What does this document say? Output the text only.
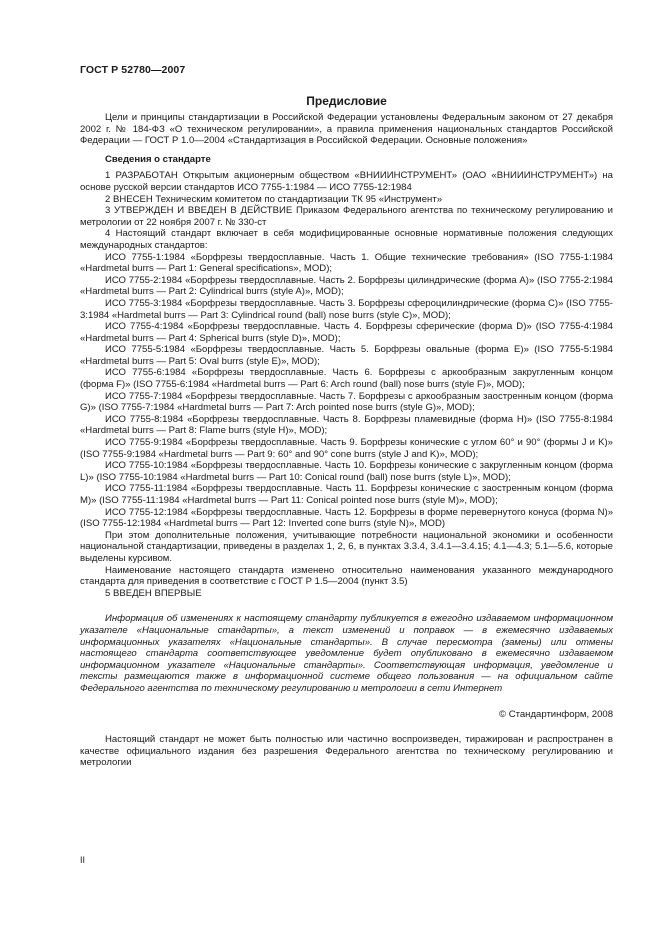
ГОСТ Р 52780—2007
Предисловие

Цели и принципы стандартизации в Российской Федерации установлены Федеральным законом от 27 декабря 2002 г. № 184-ФЗ «О техническом регулировании», а правила применения национальных стандартов Российской Федерации — ГОСТ Р 1.0—2004 «Стандартизация в Российской Федерации. Основные положения»

Сведения о стандарте

1 РАЗРАБОТАН Открытым акционерным обществом «ВНИИИНСТРУМЕНТ» (ОАО «ВНИИИНСТРУМЕНТ») на основе русской версии стандартов ИСО 7755-1:1984 — ИСО 7755-12:1984

2 ВНЕСЕН Техническим комитетом по стандартизации ТК 95 «Инструмент»

3 УТВЕРЖДЕН И ВВЕДЕН В ДЕЙСТВИЕ Приказом Федерального агентства по техническому регулированию и метрологии от 22 ноября 2007 г. № 330-ст

4 Настоящий стандарт включает в себя модифицированные основные нормативные положения следующих международных стандартов:

ИСО 7755-1:1984 «Борфрезы твердосплавные. Часть 1. Общие технические требования» (ISO 7755-1:1984 «Hardmetal burrs — Part 1: General specifications», MOD);

ИСО 7755-2:1984 «Борфрезы твердосплавные. Часть 2. Борфрезы цилиндрические (форма А)» (ISO 7755-2:1984 «Hardmetal burrs — Part 2: Cylindrical burrs (style A)», MOD);

ИСО 7755-3:1984 «Борфрезы твердосплавные. Часть 3. Борфрезы сфероцилиндрические (форма С)» (ISO 7755-3:1984 «Hardmetal burrs — Part 3: Cylindrical round (ball) nose burrs (style С)», MOD);

ИСО 7755-4:1984 «Борфрезы твердосплавные. Часть 4. Борфрезы сферические (форма D)» (ISO 7755-4:1984 «Hardmetal burrs — Part 4: Spherical burrs (style D)», MOD);

ИСО 7755-5:1984 «Борфрезы твердосплавные. Часть 5. Борфрезы овальные (форма Е)» (ISO 7755-5:1984 «Hardmetal burrs — Part 5: Oval burrs (style E)», MOD);

ИСО 7755-6:1984 «Борфрезы твердосплавные. Часть 6. Борфрезы с аркообразным закругленным концом (форма F)» (ISO 7755-6:1984 «Hardmetal burrs — Part 6: Arch round (ball) nose burrs (style F)», MOD);

ИСО 7755-7:1984 «Борфрезы твердосплавные. Часть 7. Борфрезы с аркообразным заостренным концом (форма G)» (ISO 7755-7:1984 «Hardmetal burrs — Part 7: Arch pointed nose burrs (style G)», MOD);

ИСО 7755-8:1984 «Борфрезы твердосплавные. Часть 8. Борфрезы пламевидные (форма Н)» (ISO 7755-8:1984 «Hardmetal burrs — Part 8: Flame burrs (style H)», MOD);

ИСО 7755-9:1984 «Борфрезы твердосплавные. Часть 9. Борфрезы конические с углом 60° и 90° (формы J и K)» (ISO 7755-9:1984 «Hardmetal burrs — Part 9: 60° and 90° cone burrs (style J and K)», MOD);

ИСО 7755-10:1984 «Борфрезы твердосплавные. Часть 10. Борфрезы конические с закругленным концом (форма L)» (ISO 7755-10:1984 «Hardmetal burrs — Part 10: Conical round (ball) nose burrs (style L)», MOD);

ИСО 7755-11:1984 «Борфрезы твердосплавные. Часть 11. Борфрезы конические с заостренным концом (форма М)» (ISO 7755-11:1984 «Hardmetal burrs — Part 11: Conical pointed nose burrs (style M)», MOD);

ИСО 7755-12:1984 «Борфрезы твердосплавные. Часть 12. Борфрезы в форме перевернутого конуса (форма N)» (ISO 7755-12:1984 «Hardmetal burrs — Part 12: Inverted cone burrs (style N)», MOD)

При этом дополнительные положения, учитывающие потребности национальной экономики и особенности национальной стандартизации, приведены в разделах 1, 2, 6, в пунктах 3.3.4, 3.4.1—3.4.15; 4.1—4.3; 5.1—5.6, которые выделены курсивом.

Наименование настоящего стандарта изменено относительно наименования указанного международного стандарта для приведения в соответствие с ГОСТ Р 1.5—2004 (пункт 3.5)

5 ВВЕДЕН ВПЕРВЫЕ

Информация об изменениях к настоящему стандарту публикуется в ежегодно издаваемом информационном указателе «Национальные стандарты», а текст изменений и поправок — в ежемесячно издаваемых информационных указателях «Национальные стандарты». В случае пересмотра (замены) или отмены настоящего стандарта соответствующее уведомление будет опубликовано в ежемесячно издаваемом информационном указателе «Национальные стандарты». Соответствующая информация, уведомление и тексты размещаются также в информационной системе общего пользования — на официальном сайте Федерального агентства по техническому регулированию и метрологии в сети Интернет
© Стандартинформ, 2008
Настоящий стандарт не может быть полностью или частично воспроизведен, тиражирован и распространен в качестве официального издания без разрешения Федерального агентства по техническому регулированию и метрологии
II
